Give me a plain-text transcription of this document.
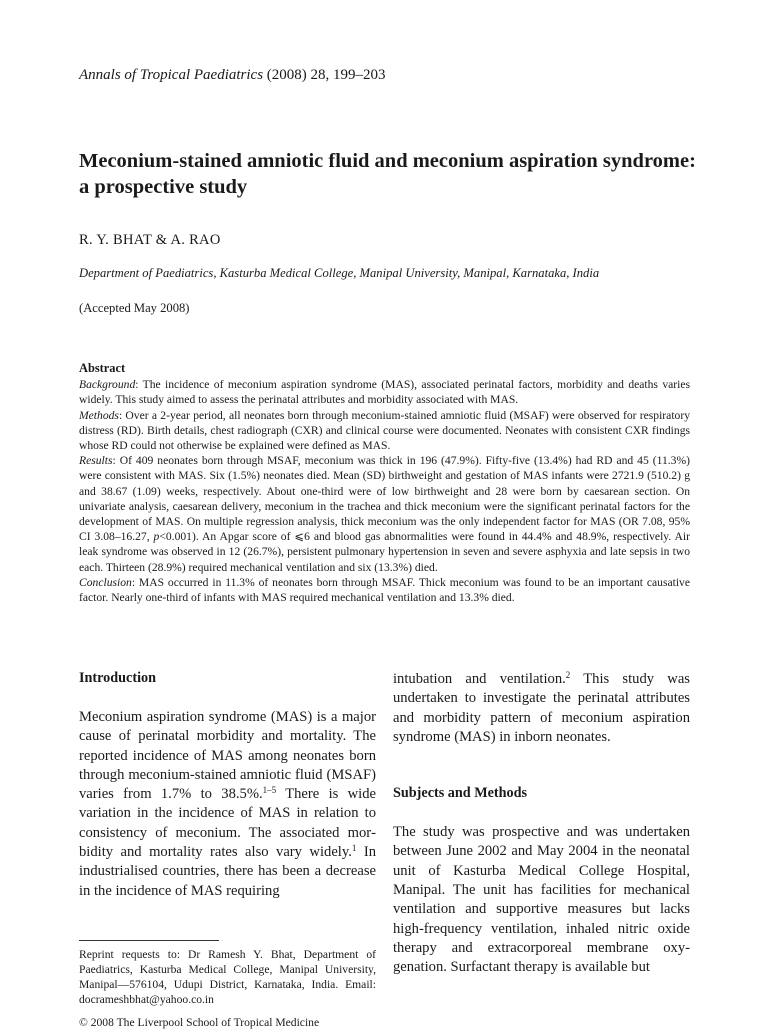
Annals of Tropical Paediatrics (2008) 28, 199–203

Meconium-stained amniotic fluid and meconium aspiration syndrome: a prospective study

R. Y. BHAT & A. RAO

Department of Paediatrics, Kasturba Medical College, Manipal University, Manipal, Karnataka, India

(Accepted May 2008)

Abstract

Background: The incidence of meconium aspiration syndrome (MAS), associated perinatal factors, morbidity and deaths varies widely. This study aimed to assess the perinatal attributes and morbidity associated with MAS.

Methods: Over a 2-year period, all neonates born through meconium-stained amniotic fluid (MSAF) were observed for respiratory distress (RD). Birth details, chest radiograph (CXR) and clinical course were documented. Neonates with consistent CXR findings whose RD could not otherwise be explained were defined as MAS.

Results: Of 409 neonates born through MSAF, meconium was thick in 196 (47.9%). Fifty-five (13.4%) had RD and 45 (11.3%) were consistent with MAS. Six (1.5%) neonates died. Mean (SD) birthweight and gestation of MAS infants were 2721.9 (510.2) g and 38.67 (1.09) weeks, respectively. About one-third were of low birthweight and 28 were born by caesarean section. On univariate analysis, caesarean delivery, meconium in the trachea and thick meconium were the significant perinatal factors for the development of MAS. On multiple regression analysis, thick meconium was the only independent factor for MAS (OR 7.08, 95% CI 3.08–16.27, p<0.001). An Apgar score of ⩽6 and blood gas abnormalities were found in 44.4% and 48.9%, respectively. Air leak syndrome was observed in 12 (26.7%), persistent pulmonary hypertension in seven and severe asphyxia and late sepsis in two each. Thirteen (28.9%) required mechanical ventilation and six (13.3%) died.

Conclusion: MAS occurred in 11.3% of neonates born through MSAF. Thick meconium was found to be an important causative factor. Nearly one-third of infants with MAS required mechanical ventilation and 13.3% died.

Introduction

Meconium aspiration syndrome (MAS) is a major cause of perinatal morbidity and mortality. The reported incidence of MAS among neonates born through meconium-stained amniotic fluid (MSAF) varies from 1.7% to 38.5%.$^{1-5}$ There is wide variation in the incidence of MAS in relation to consistency of meconium. The associated morbidity and mortality rates also vary widely.$^1$ In industrialised countries, there has been a decrease in the incidence of MAS requiring

intubation and ventilation.$^2$ This study was undertaken to investigate the perinatal attributes and morbidity pattern of meconium aspiration syndrome (MAS) in inborn neonates.

Subjects and Methods

The study was prospective and was undertaken between June 2002 and May 2004 in the neonatal unit of Kasturba Medical College Hospital, Manipal. The unit has facilities for mechanical ventilation and supportive measures but lacks high-frequency ventilation, inhaled nitric oxide therapy and extracorporeal membrane oxygenation. Surfactant therapy is available but

Reprint requests to: Dr Ramesh Y. Bhat, Department of Paediatrics, Kasturba Medical College, Manipal University, Manipal—576104, Udupi District, Karnataka, India. Email: docrameshbhat@yahoo.co.in

© 2008 The Liverpool School of Tropical Medicine
